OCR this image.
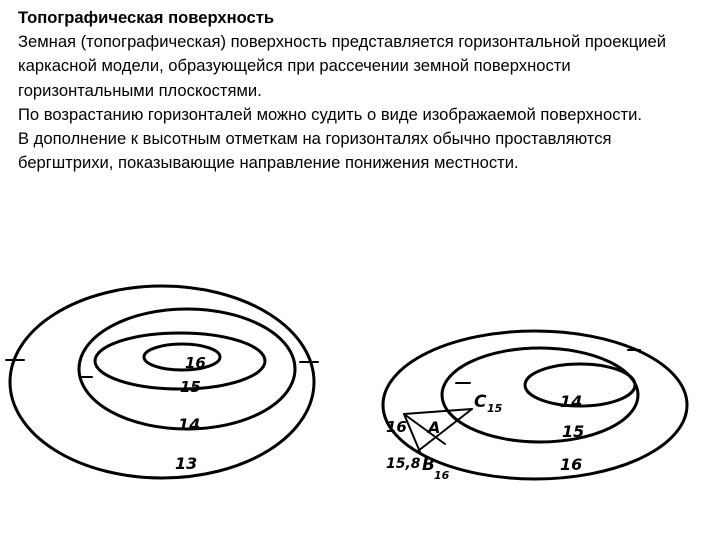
Топографическая поверхность

Земная (топографическая) поверхность представляется горизонтальной проекцией каркасной модели, образующейся при рассечении земной поверхности горизонтальными плоскостями.

По возрастанию горизонталей можно судить о виде изображаемой поверхности.

В дополнение к высотным отметкам на горизонталях обычно проставляются бергштрихи, показывающие направление понижения местности.

16
15
14
13
14
15
16
C 15
A
B
16
16
15,8
